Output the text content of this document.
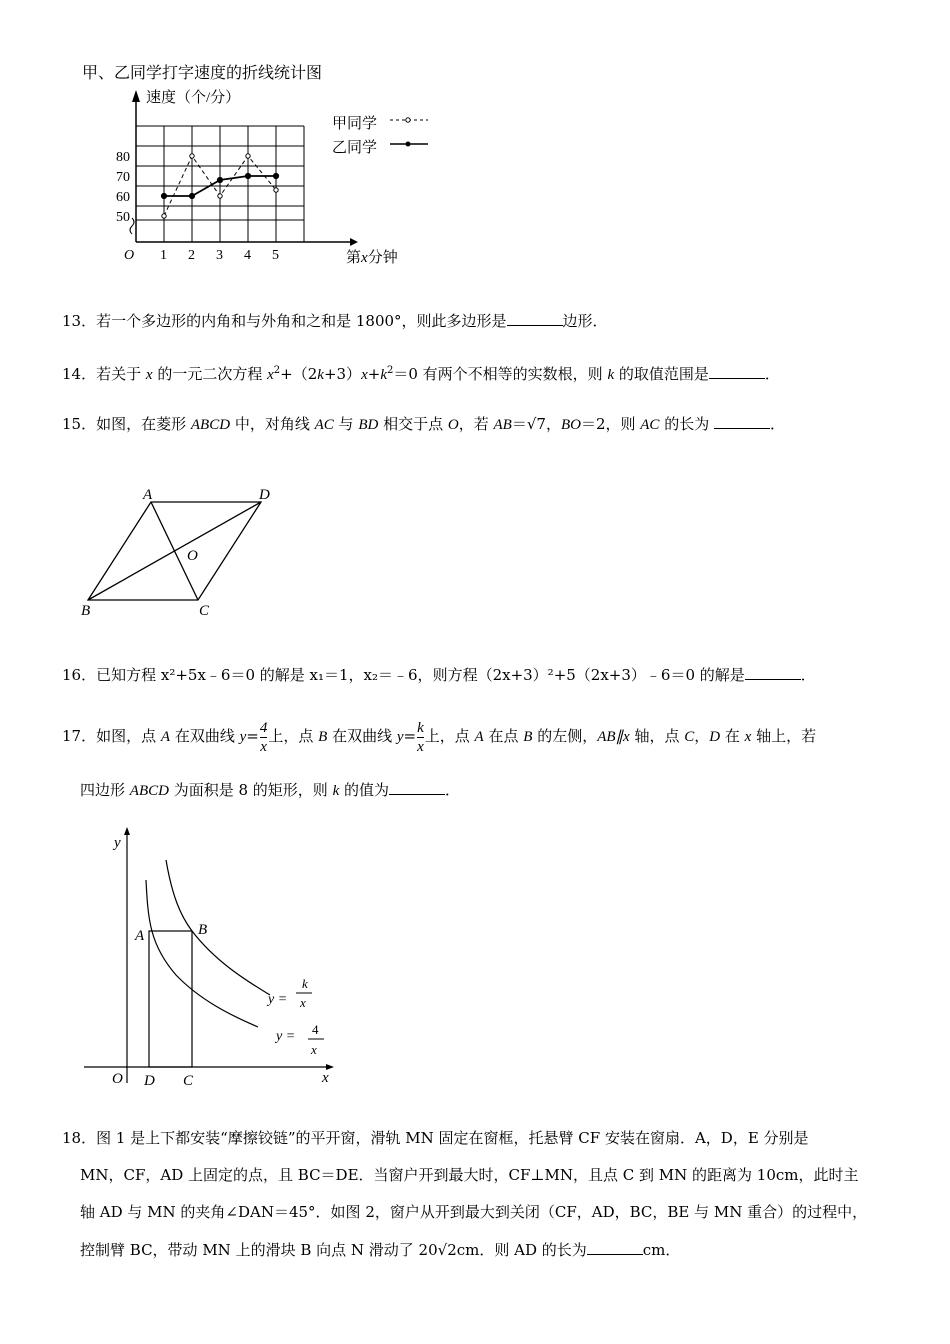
甲、乙同学打字速度的折线统计图
速度（个/分）
O 1 2 3 4 5
50
60
70
80
第x分钟
甲同学
乙同学
13．若一个多边形的内角和与外角和之和是 1800°，则此多边形是	边形．
14．若关于 x 的一元二次方程 $x^2+(2k+3)x+k^2=0$ 有两个不相等的实数根，则 k 的取值范围是	．
15．如图，在菱形 ABCD 中，对角线 AC 与 BD 相交于点 O，若 AB＝√7，BO＝2，则 AC 的长为	．
A	D
B	C
O
16．已知方程 x²+5x﹣6＝0 的解是 x₁＝1，x₂＝﹣6，则方程（2x+3）²+5（2x+3）﹣6＝0 的解是	．
17．如图，点 A 在双曲线 $y= \frac{4}{x}$ 上，点 B 在双曲线 $y= \frac{k}{x}$ 上，点 A 在点 B 的左侧，AB∥x 轴，点 C，D 在 x 轴上，若
四边形 ABCD 为面积是 8 的矩形，则 k 的值为	．
y
x
O
A	B
D C
y =
k
x
y = 4
x
18．图 1 是上下都安装“摩擦铰链”的平开窗，滑轨 MN 固定在窗框，托悬臂 CF 安装在窗扇．A，D，E 分别是
MN，CF，AD 上固定的点，且 BC＝DE．当窗户开到最大时，CF⊥MN，且点 C 到 MN 的距离为 10cm，此时主
轴 AD 与 MN 的夹角∠DAN＝45°．如图 2，窗户从开到最大到关闭（CF，AD，BC，BE 与 MN 重合）的过程中，
控制臂 BC，带动 MN 上的滑块 B 向点 N 滑动了 20√2cm．则 AD 的长为	cm．
